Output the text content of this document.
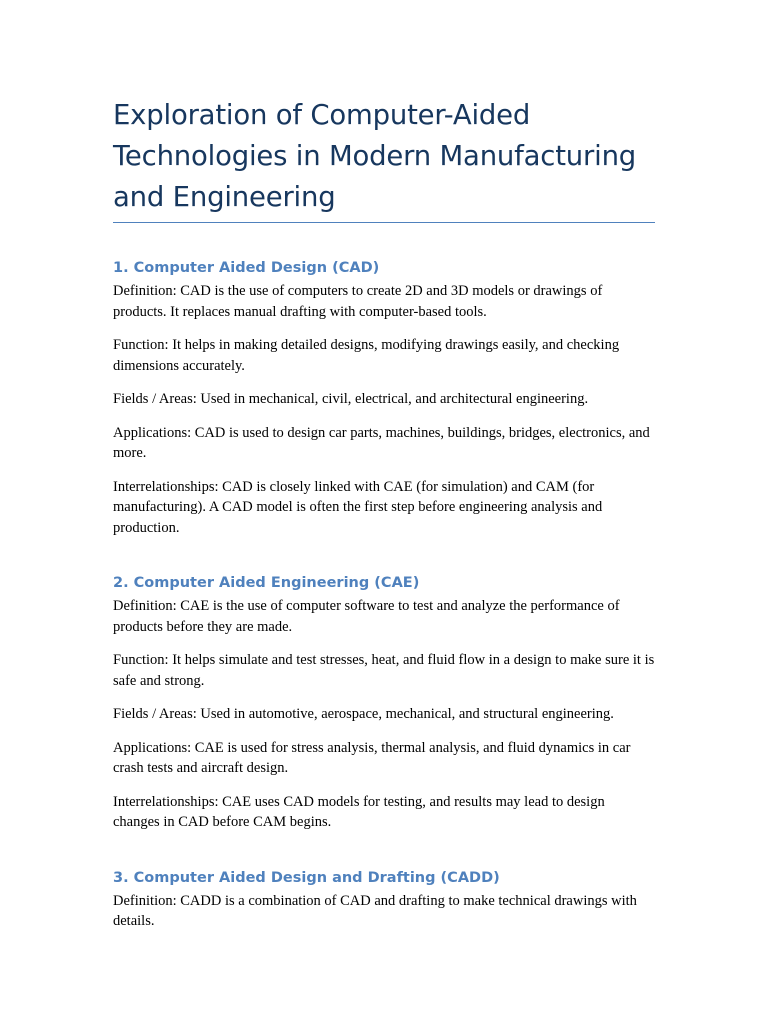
Exploration of Computer-Aided Technologies in Modern Manufacturing and Engineering
1. Computer Aided Design (CAD)

Definition: CAD is the use of computers to create 2D and 3D models or drawings of products. It replaces manual drafting with computer-based tools.

Function: It helps in making detailed designs, modifying drawings easily, and checking dimensions accurately.

Fields / Areas: Used in mechanical, civil, electrical, and architectural engineering.

Applications: CAD is used to design car parts, machines, buildings, bridges, electronics, and more.

Interrelationships: CAD is closely linked with CAE (for simulation) and CAM (for manufacturing). A CAD model is often the first step before engineering analysis and production.

2. Computer Aided Engineering (CAE)

Definition: CAE is the use of computer software to test and analyze the performance of products before they are made.

Function: It helps simulate and test stresses, heat, and fluid flow in a design to make sure it is safe and strong.

Fields / Areas: Used in automotive, aerospace, mechanical, and structural engineering.

Applications: CAE is used for stress analysis, thermal analysis, and fluid dynamics in car crash tests and aircraft design.

Interrelationships: CAE uses CAD models for testing, and results may lead to design changes in CAD before CAM begins.

3. Computer Aided Design and Drafting (CADD)

Definition: CADD is a combination of CAD and drafting to make technical drawings with details.
